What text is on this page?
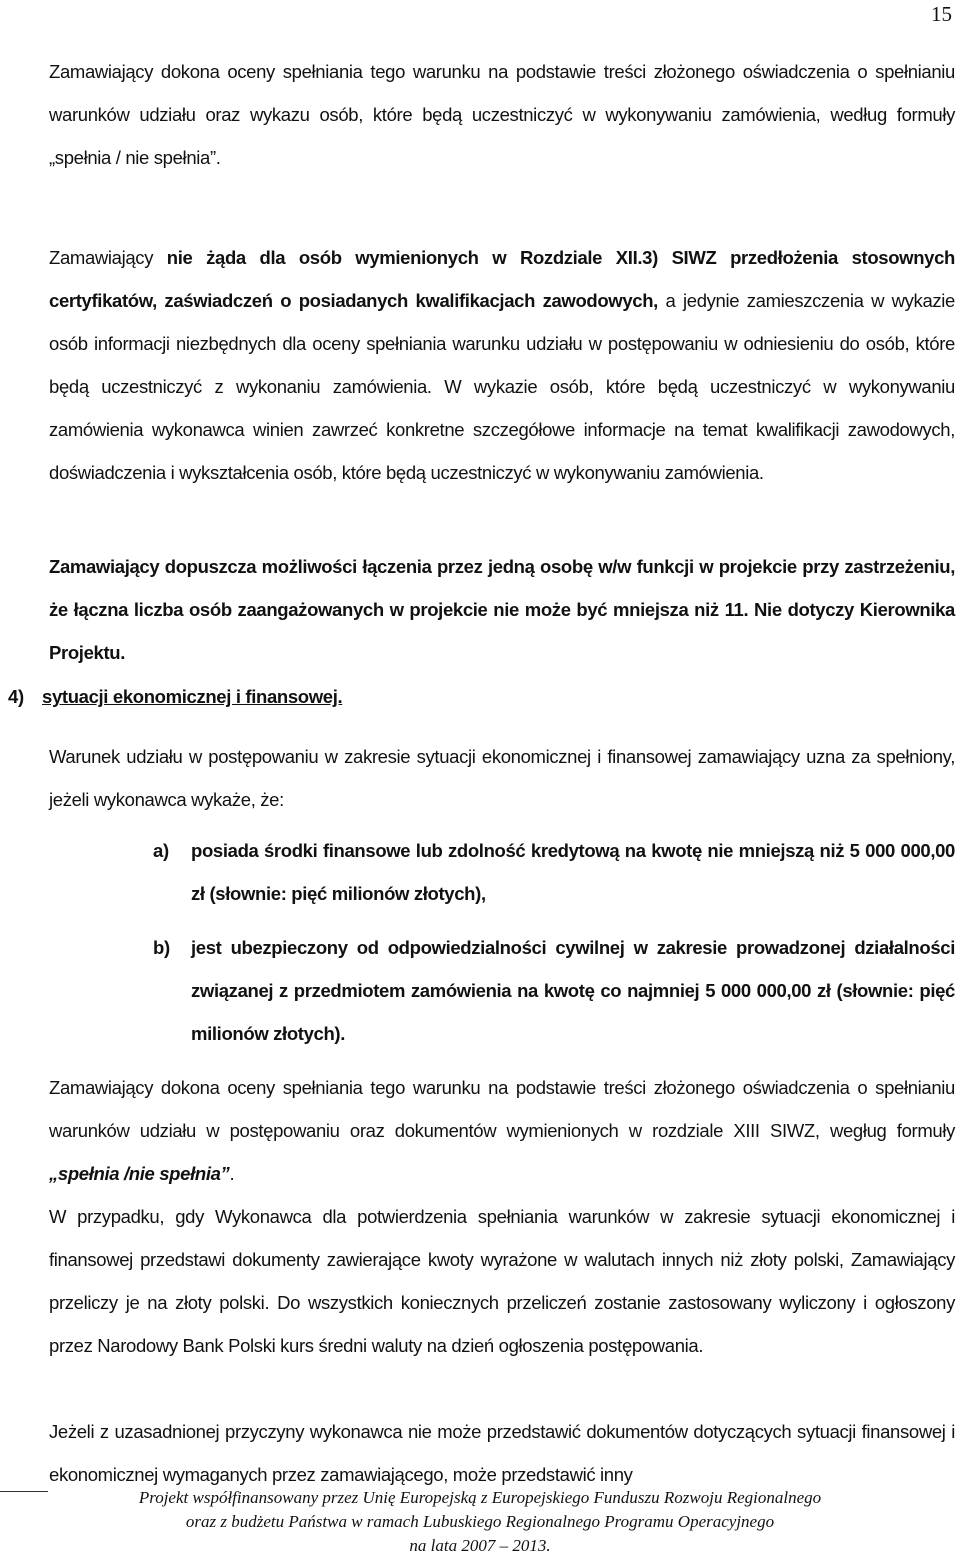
15

Zamawiający dokona oceny spełniania tego warunku na podstawie treści złożonego oświadczenia o spełnianiu warunków udziału oraz wykazu osób, które będą uczestniczyć w wykonywaniu zamówienia, według formuły „spełnia / nie spełnia”.

Zamawiający nie żąda dla osób wymienionych w Rozdziale XII.3) SIWZ przedłożenia stosownych certyfikatów, zaświadczeń o posiadanych kwalifikacjach zawodowych, a jedynie zamieszczenia w wykazie osób informacji niezbędnych dla oceny spełniania warunku udziału w postępowaniu w odniesieniu do osób, które będą uczestniczyć z wykonaniu zamówienia. W wykazie osób, które będą uczestniczyć w wykonywaniu zamówienia wykonawca winien zawrzeć konkretne szczegółowe informacje na temat kwalifikacji zawodowych, doświadczenia i wykształcenia osób, które będą uczestniczyć w wykonywaniu zamówienia.

Zamawiający dopuszcza możliwości łączenia przez jedną osobę w/w funkcji w projekcie przy zastrzeżeniu, że łączna liczba osób zaangażowanych w projekcie nie może być mniejsza niż 11. Nie dotyczy Kierownika Projektu.

4) sytuacji ekonomicznej i finansowej.

Warunek udziału w postępowaniu w zakresie sytuacji ekonomicznej i finansowej zamawiający uzna za spełniony, jeżeli wykonawca wykaże, że:

a) posiada środki finansowe lub zdolność kredytową na kwotę nie mniejszą niż 5 000 000,00 zł (słownie: pięć milionów złotych),
b) jest ubezpieczony od odpowiedzialności cywilnej w zakresie prowadzonej działalności związanej z przedmiotem zamówienia na kwotę co najmniej 5 000 000,00 zł (słownie: pięć milionów złotych).

Zamawiający dokona oceny spełniania tego warunku na podstawie treści złożonego oświadczenia o spełnianiu warunków udziału w postępowaniu oraz dokumentów wymienionych w rozdziale XIII SIWZ, wegług formuły „spełnia /nie spełnia”.

W przypadku, gdy Wykonawca dla potwierdzenia spełniania warunków w zakresie sytuacji ekonomicznej i finansowej przedstawi dokumenty zawierające kwoty wyrażone w walutach innych niż złoty polski, Zamawiający przeliczy je na złoty polski. Do wszystkich koniecznych przeliczeń zostanie zastosowany wyliczony i ogłoszony przez Narodowy Bank Polski kurs średni waluty na dzień ogłoszenia postępowania.

Jeżeli z uzasadnionej przyczyny wykonawca nie może przedstawić dokumentów dotyczących sytuacji finansowej i ekonomicznej wymaganych przez zamawiającego, może przedstawić inny

Projekt współfinansowany przez Unię Europejską z Europejskiego Funduszu Rozwoju Regionalnego
oraz z budżetu Państwa w ramach Lubuskiego Regionalnego Programu Operacyjnego
na lata 2007 – 2013.
